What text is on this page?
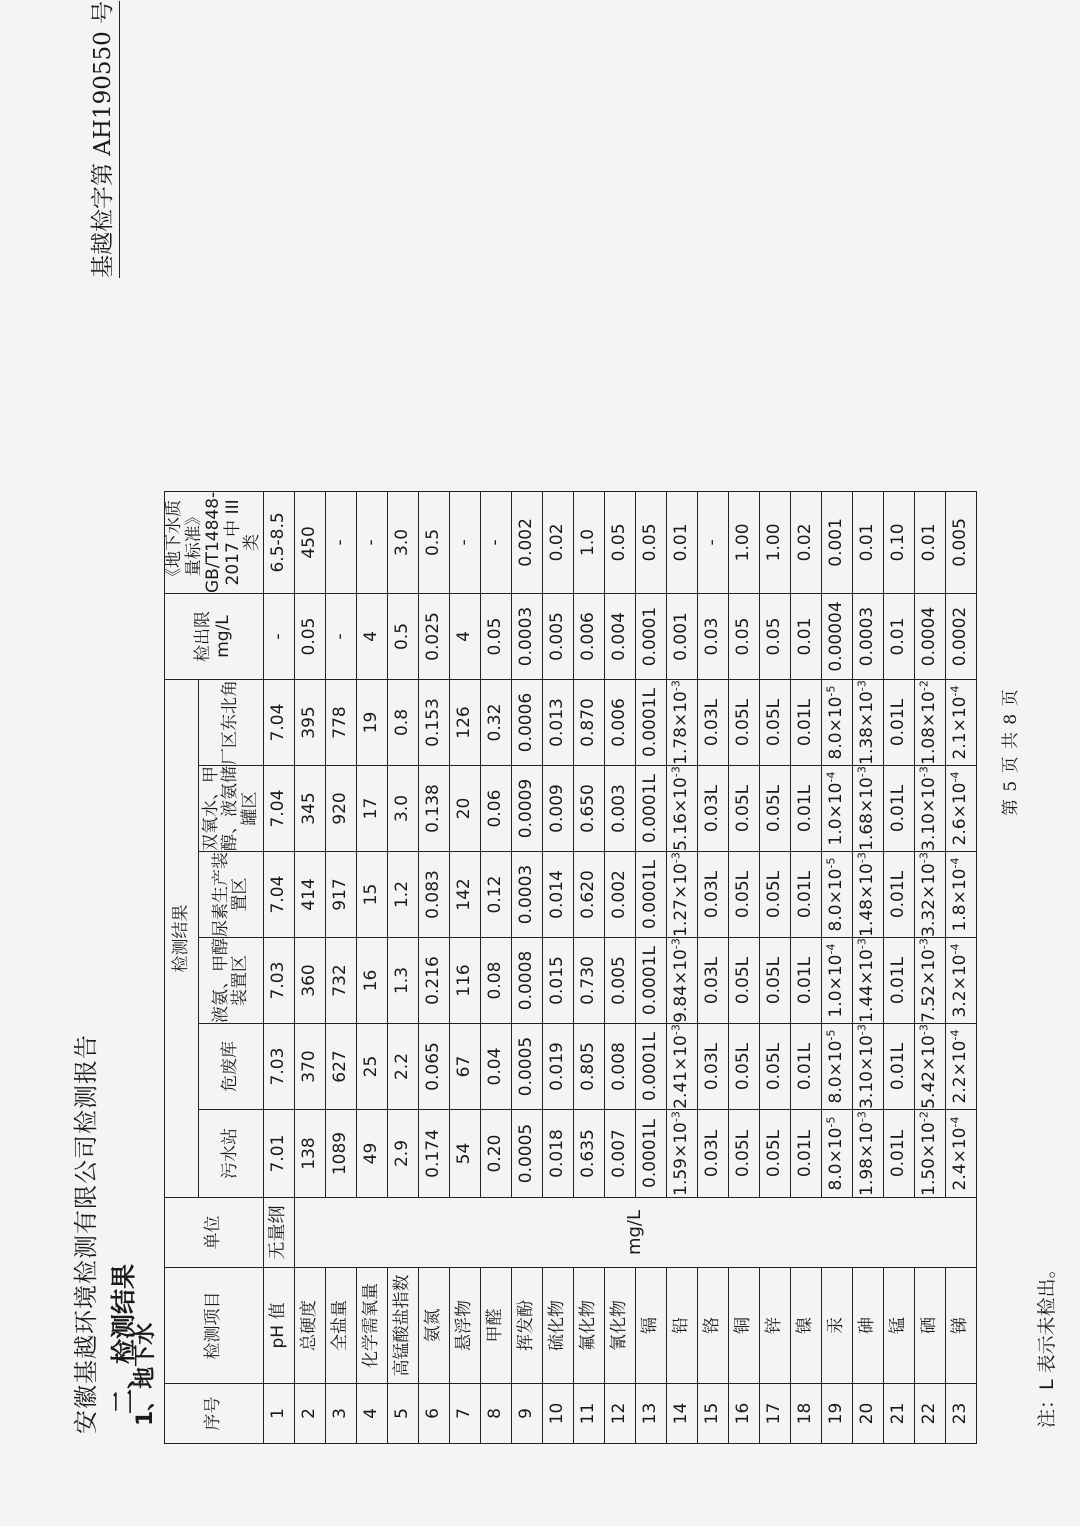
安徽基越环境检测有限公司检测报告
基越检字第 AH190550 号
二、检测结果
1、地下水	序号	检测项目	单位	检测结果						检出限
mg/L	《地下水质量标准》GB/T14848-2017 中 III 类
			污水站	危废库	液氨、甲醇装置区	尿素生产装置区	双氧水、甲醇、液氨储罐区	厂区东北角		
1	pH 值	无量纲	7.01	7.03	7.03	7.04	7.04	7.04	-	6.5-8.5
2	总硬度	mg/L	138	370	360	414	345	395	0.05	450
3	全盐量		1089	627	732	917	920	778	-	-
4	化学需氧量		49	25	16	15	17	19	4	-
5	高锰酸盐指数		2.9	2.2	1.3	1.2	3.0	0.8	0.5	3.0
6	氨氮		0.174	0.065	0.216	0.083	0.138	0.153	0.025	0.5
7	悬浮物		54	67	116	142	20	126	4	-
8	甲醛		0.20	0.04	0.08	0.12	0.06	0.32	0.05	-
9	挥发酚		0.0005	0.0005	0.0008	0.0003	0.0009	0.0006	0.0003	0.002
10	硫化物		0.018	0.019	0.015	0.014	0.009	0.013	0.005	0.02
11	氟化物		0.635	0.805	0.730	0.620	0.650	0.870	0.006	1.0
12	氰化物		0.007	0.008	0.005	0.002	0.003	0.006	0.004	0.05
13	镉		0.0001L	0.0001L	0.0001L	0.0001L	0.0001L	0.0001L	0.0001	0.05
14	铅		$1.59\times 10^{-3}$	$2.41\times 10^{-3}$	$9.84\times 10^{-3}$	$1.27\times 10^{-3}$	$5.16\times 10^{-3}$	$1.78\times 10^{-3}$	0.001	0.01
15	铬		0.03L	0.03L	0.03L	0.03L	0.03L	0.03L	0.03	-
16	铜		0.05L	0.05L	0.05L	0.05L	0.05L	0.05L	0.05	1.00
17	锌		0.05L	0.05L	0.05L	0.05L	0.05L	0.05L	0.05	1.00
18	镍		0.01L	0.01L	0.01L	0.01L	0.01L	0.01L	0.01	0.02
19	汞		$8.0\times 10^{-5}$	$8.0\times 10^{-5}$	$1.0\times 10^{-4}$	$8.0\times 10^{-5}$	$1.0\times 10^{-4}$	$8.0\times 10^{-5}$	0.00004	0.001
20	砷		$1.98\times 10^{-3}$	$3.10\times 10^{-3}$	$1.44\times 10^{-3}$	$1.48\times 10^{-3}$	$1.68\times 10^{-3}$	$1.38\times 10^{-3}$	0.0003	0.01
21	锰		0.01L	0.01L	0.01L	0.01L	0.01L	0.01L	0.01	0.10
22	硒		$1.50\times 10^{-2}$	$5.42\times 10^{-3}$	$7.52\times 10^{-3}$	$3.32\times 10^{-3}$	$3.10\times 10^{-3}$	$1.08\times 10^{-2}$	0.0004	0.01
23	锑		$2.4\times 10^{-4}$	$2.2\times 10^{-4}$	$3.2\times 10^{-4}$	$1.8\times 10^{-4}$	$2.6\times 10^{-4}$	$2.1\times 10^{-4}$	0.0002	0.005
注：L 表示未检出。
第 5 页 共 8 页
